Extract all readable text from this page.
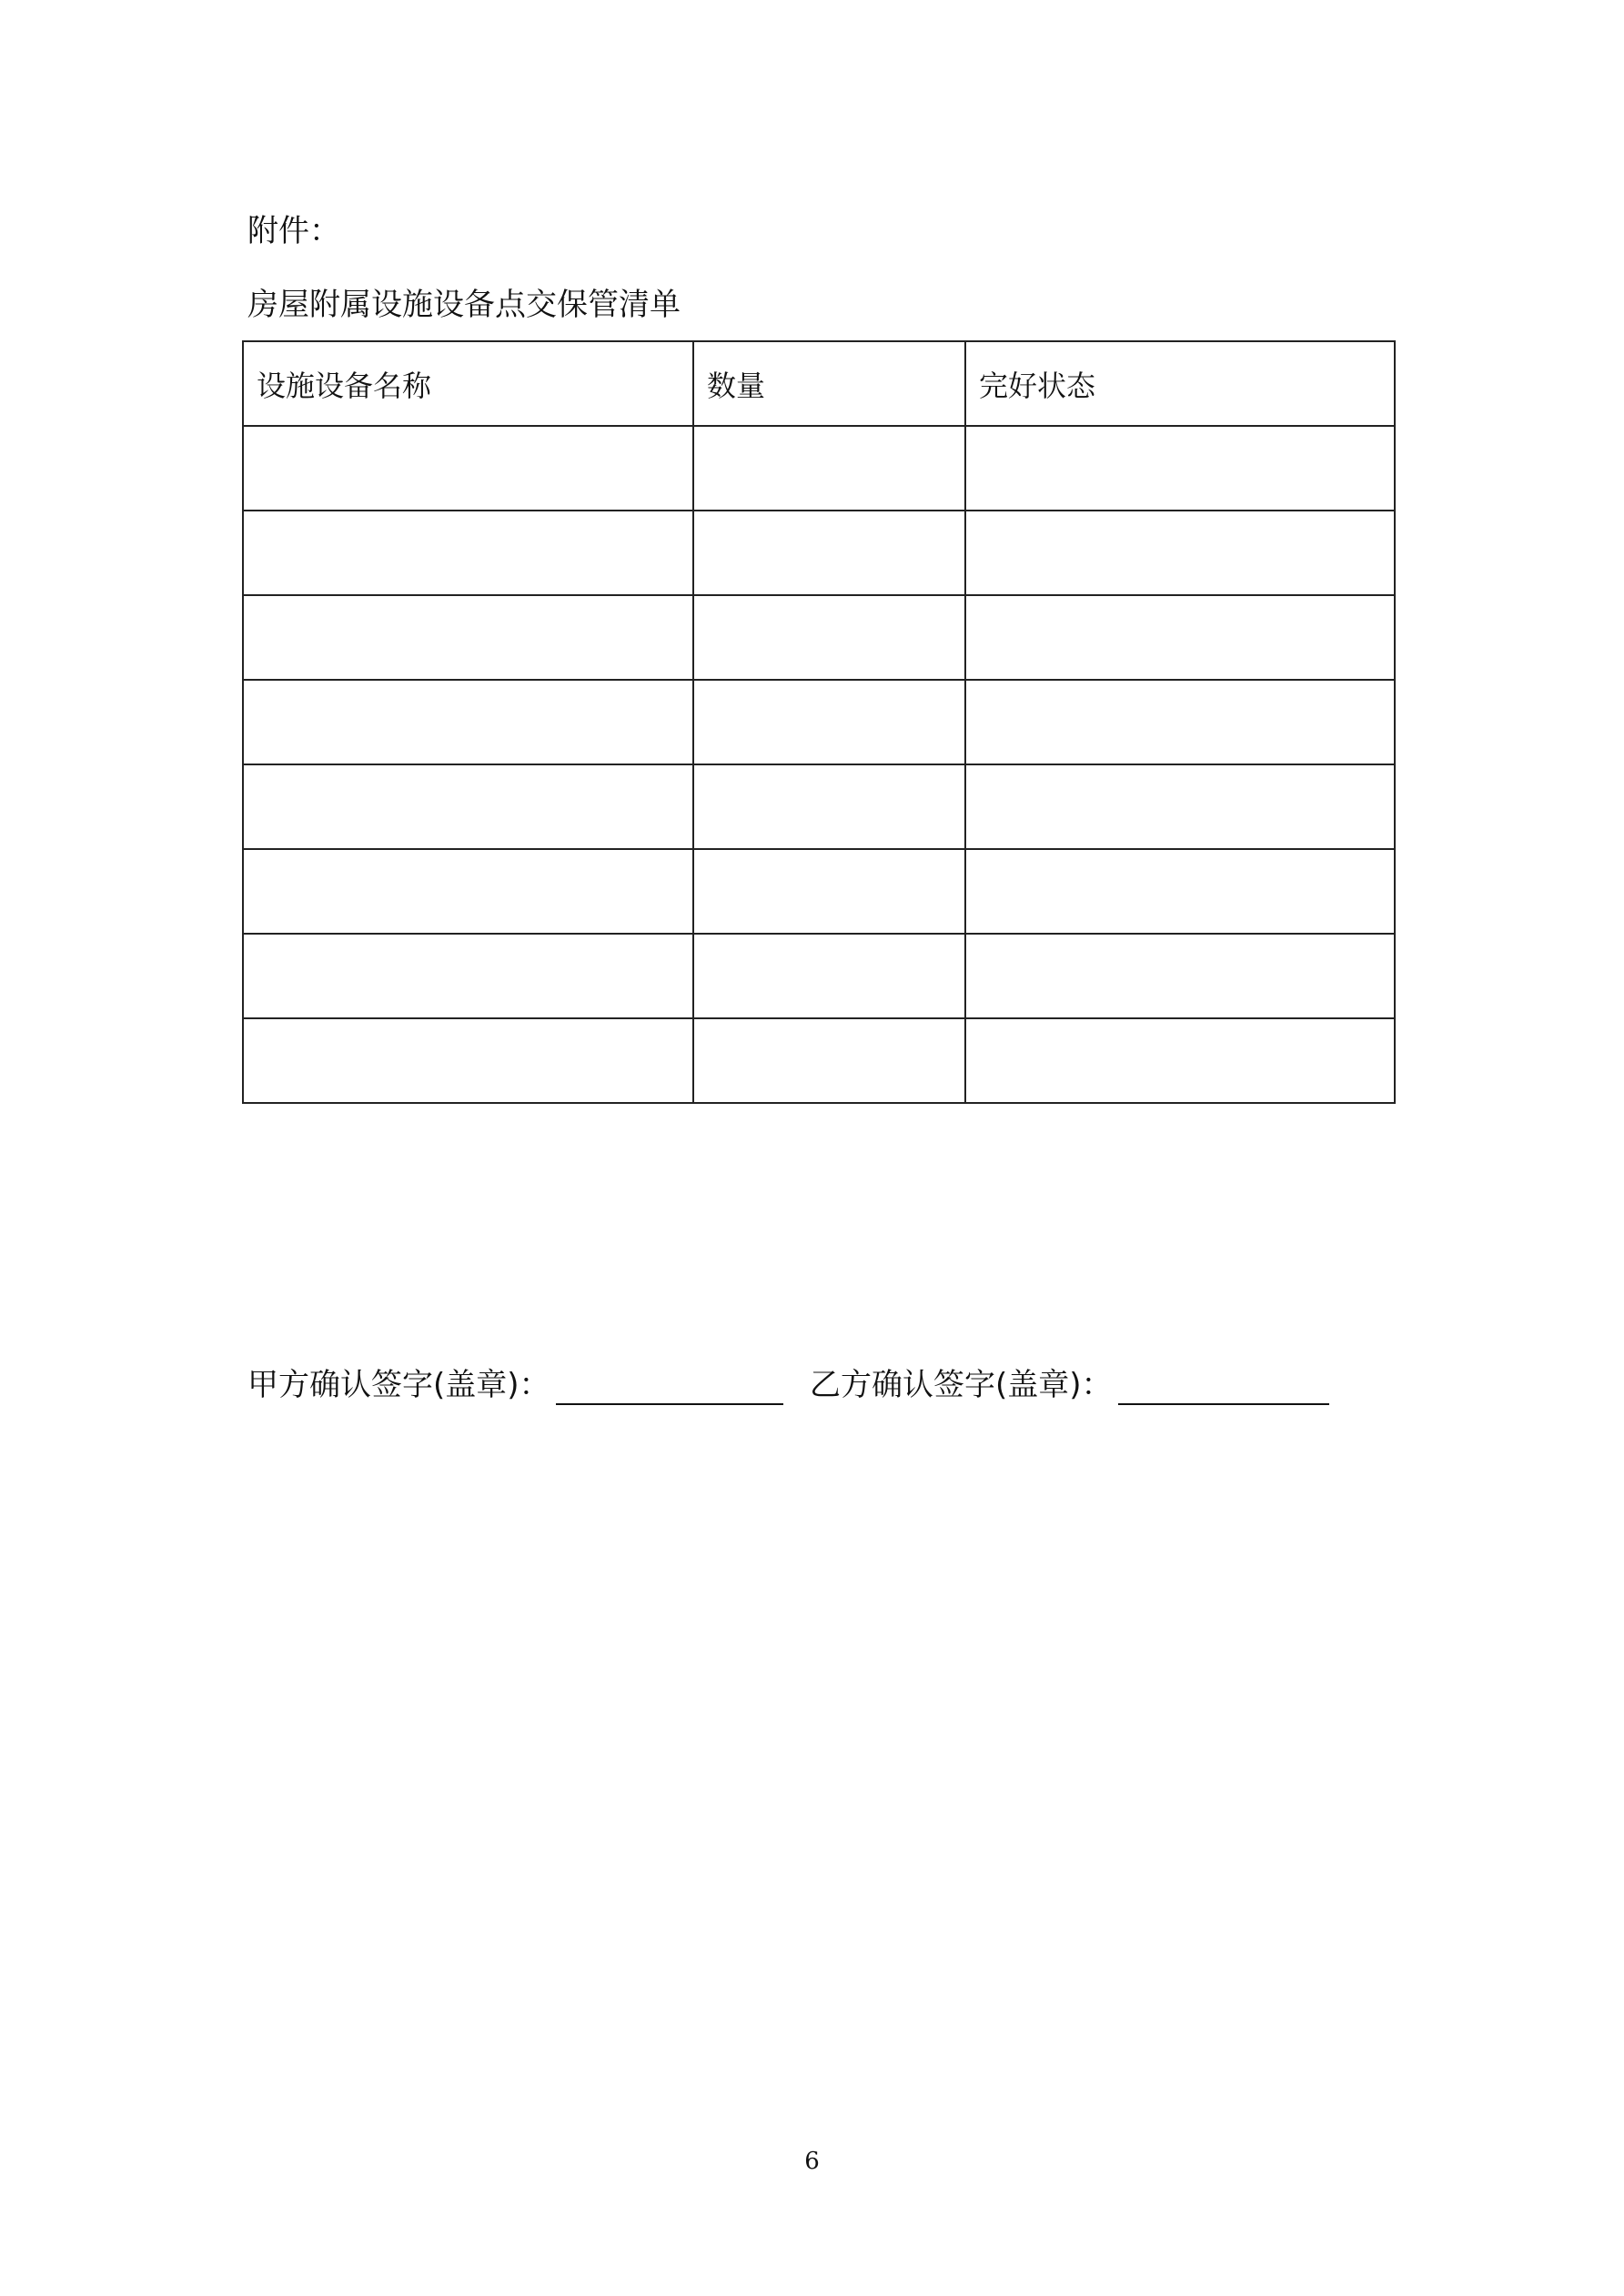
附件：
房屋附属设施设备点交保管清单
设施设备名称	数量	完好状态

甲方确认签字(盖章)：	乙方确认签字(盖章)：
6
